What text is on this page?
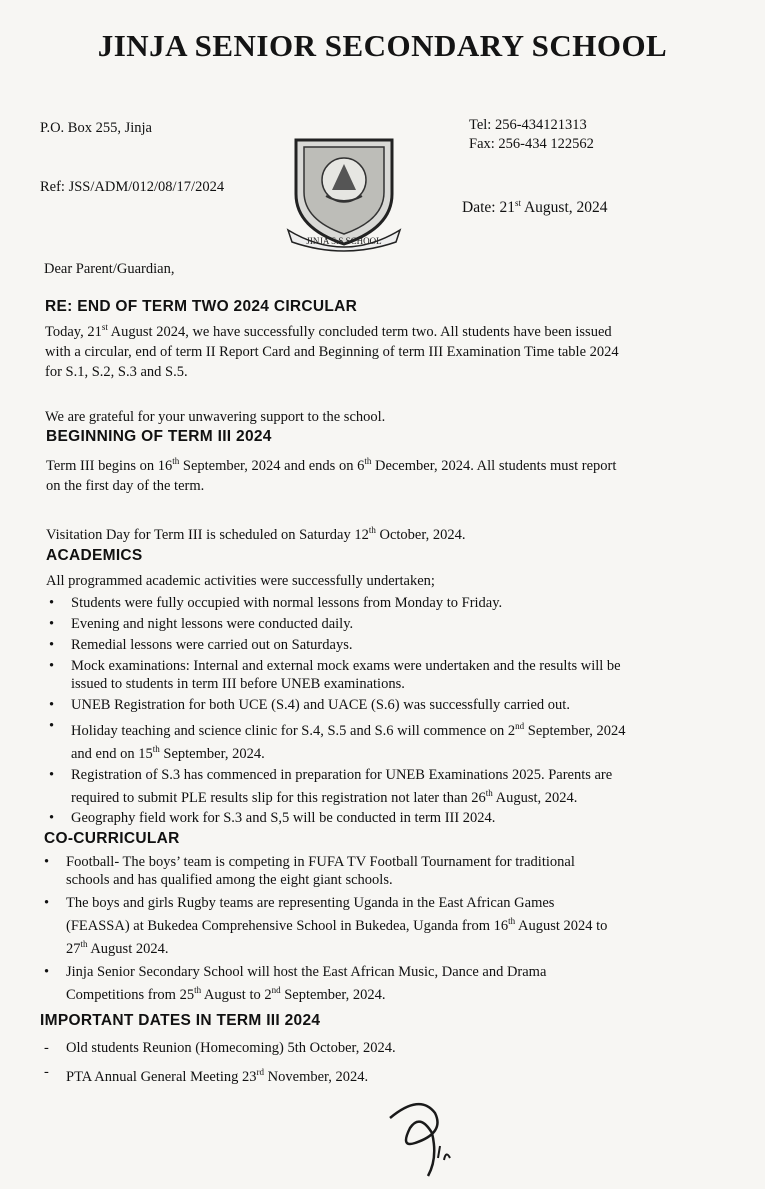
JINJA SENIOR SECONDARY SCHOOL
P.O. Box 255, Jinja	Tel: 256-434121313
Fax: 256-434 122562
Ref: JSS/ADM/012/08/17/2024
Date: 21st August, 2024
JINJA S.S SCHOOL
Dear Parent/Guardian,
RE: END OF TERM TWO 2024 CIRCULAR
Today, 21st August 2024, we have successfully concluded term two. All students have been issued
with a circular, end of term II Report Card and Beginning of term III Examination Time table 2024
for S.1, S.2, S.3 and S.5.
We are grateful for your unwavering support to the school.
BEGINNING OF TERM III 2024
Term III begins on 16th September, 2024 and ends on 6th December, 2024. All students must report
on the first day of the term.
Visitation Day for Term III is scheduled on Saturday 12th October, 2024.
ACADEMICS
All programmed academic activities were successfully undertaken;
• Students were fully occupied with normal lessons from Monday to Friday.
• Evening and night lessons were conducted daily.
• Remedial lessons were carried out on Saturdays.
• Mock examinations: Internal and external mock exams were undertaken and the results will be
issued to students in term III before UNEB examinations.
• UNEB Registration for both UCE (S.4) and UACE (S.6) was successfully carried out.
• Holiday teaching and science clinic for S.4, S.5 and S.6 will commence on 2nd September, 2024
and end on 15th September, 2024.
• Registration of S.3 has commenced in preparation for UNEB Examinations 2025. Parents are
required to submit PLE results slip for this registration not later than 26th August, 2024.
• Geography field work for S.3 and S,5 will be conducted in term III 2024.
CO-CURRICULAR
• Football- The boys’ team is competing in FUFA TV Football Tournament for traditional
schools and has qualified among the eight giant schools.
• The boys and girls Rugby teams are representing Uganda in the East African Games
(FEASSA) at Bukedea Comprehensive School in Bukedea, Uganda from 16th August 2024 to
27th August 2024.
• Jinja Senior Secondary School will host the East African Music, Dance and Drama
Competitions from 25th August to 2nd September, 2024.
IMPORTANT DATES IN TERM III 2024
- Old students Reunion (Homecoming) 5th October, 2024.
- PTA Annual General Meeting 23rd November, 2024.
